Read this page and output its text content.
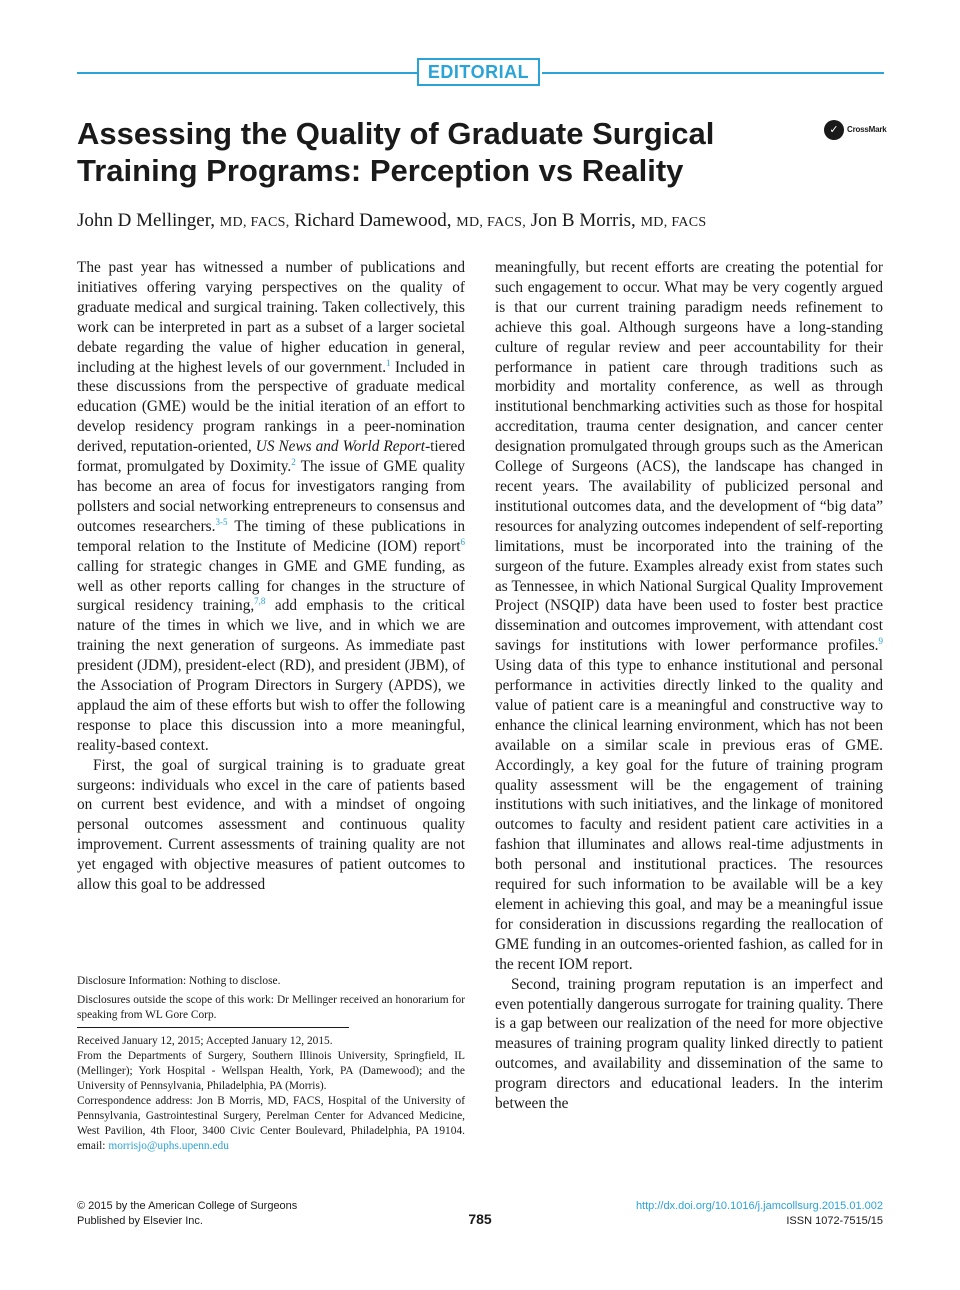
EDITORIAL
Assessing the Quality of Graduate Surgical Training Programs: Perception vs Reality
✓	CrossMark
John D Mellinger, MD, FACS, Richard Damewood, MD, FACS, Jon B Morris, MD, FACS

The past year has witnessed a number of publications and initiatives offering varying perspectives on the quality of graduate medical and surgical training. Taken collectively, this work can be interpreted in part as a subset of a larger societal debate regarding the value of higher education in general, including at the highest levels of our government.$^1$ Included in these discussions from the perspective of graduate medical education (GME) would be the initial iteration of an effort to develop residency program rankings in a peer-nomination derived, reputation-oriented, US News and World Report-tiered format, promulgated by Doximity.$^2$ The issue of GME quality has become an area of focus for investigators ranging from pollsters and social networking entrepreneurs to consensus and outcomes researchers.$^{3-5}$ The timing of these publications in temporal relation to the Institute of Medicine (IOM) report$^6$ calling for strategic changes in GME and GME funding, as well as other reports calling for changes in the structure of surgical residency training,$^{7,8}$ add emphasis to the critical nature of the times in which we live, and in which we are training the next generation of surgeons. As immediate past president (JDM), president-elect (RD), and president (JBM), of the Association of Program Directors in Surgery (APDS), we applaud the aim of these efforts but wish to offer the following response to place this discussion into a more meaningful, reality-based context.

First, the goal of surgical training is to graduate great surgeons: individuals who excel in the care of patients based on current best evidence, and with a mindset of ongoing personal outcomes assessment and continuous quality improvement. Current assessments of training quality are not yet engaged with objective measures of patient outcomes to allow this goal to be addressed

meaningfully, but recent efforts are creating the potential for such engagement to occur. What may be very cogently argued is that our current training paradigm needs refinement to achieve this goal. Although surgeons have a long-standing culture of regular review and peer accountability for their performance in patient care through traditions such as morbidity and mortality conference, as well as through institutional benchmarking activities such as those for hospital accreditation, trauma center designation, and cancer center designation promulgated through groups such as the American College of Surgeons (ACS), the landscape has changed in recent years. The availability of publicized personal and institutional outcomes data, and the development of “big data” resources for analyzing outcomes independent of self-reporting limitations, must be incorporated into the training of the surgeon of the future. Examples already exist from states such as Tennessee, in which National Surgical Quality Improvement Project (NSQIP) data have been used to foster best practice dissemination and outcomes improvement, with attendant cost savings for institutions with lower performance profiles.$^9$ Using data of this type to enhance institutional and personal performance in activities directly linked to the quality and value of patient care is a meaningful and constructive way to enhance the clinical learning environment, which has not been available on a similar scale in previous eras of GME. Accordingly, a key goal for the future of training program quality assessment will be the engagement of training institutions with such initiatives, and the linkage of monitored outcomes to faculty and resident patient care activities in a fashion that illuminates and allows real-time adjustments in both personal and institutional practices. The resources required for such information to be available will be a key element in achieving this goal, and may be a meaningful issue for consideration in discussions regarding the reallocation of GME funding in an outcomes-oriented fashion, as called for in the recent IOM report.

Second, training program reputation is an imperfect and even potentially dangerous surrogate for training quality. There is a gap between our realization of the need for more objective measures of training program quality linked directly to patient outcomes, and availability and dissemination of the same to program directors and educational leaders. In the interim between the

Disclosure Information: Nothing to disclose.

Disclosures outside the scope of this work: Dr Mellinger received an honorarium for speaking from WL Gore Corp.

Received January 12, 2015; Accepted January 12, 2015.

From the Departments of Surgery, Southern Illinois University, Springfield, IL (Mellinger); York Hospital - Wellspan Health, York, PA (Damewood); and the University of Pennsylvania, Philadelphia, PA (Morris).

Correspondence address: Jon B Morris, MD, FACS, Hospital of the University of Pennsylvania, Gastrointestinal Surgery, Perelman Center for Advanced Medicine, West Pavilion, 4th Floor, 3400 Civic Center Boulevard, Philadelphia, PA 19104. email: morrisjo@uphs.upenn.edu

© 2015 by the American College of Surgeons
Published by Elsevier Inc.	785
http://dx.doi.org/10.1016/j.jamcollsurg.2015.01.002
ISSN 1072-7515/15
